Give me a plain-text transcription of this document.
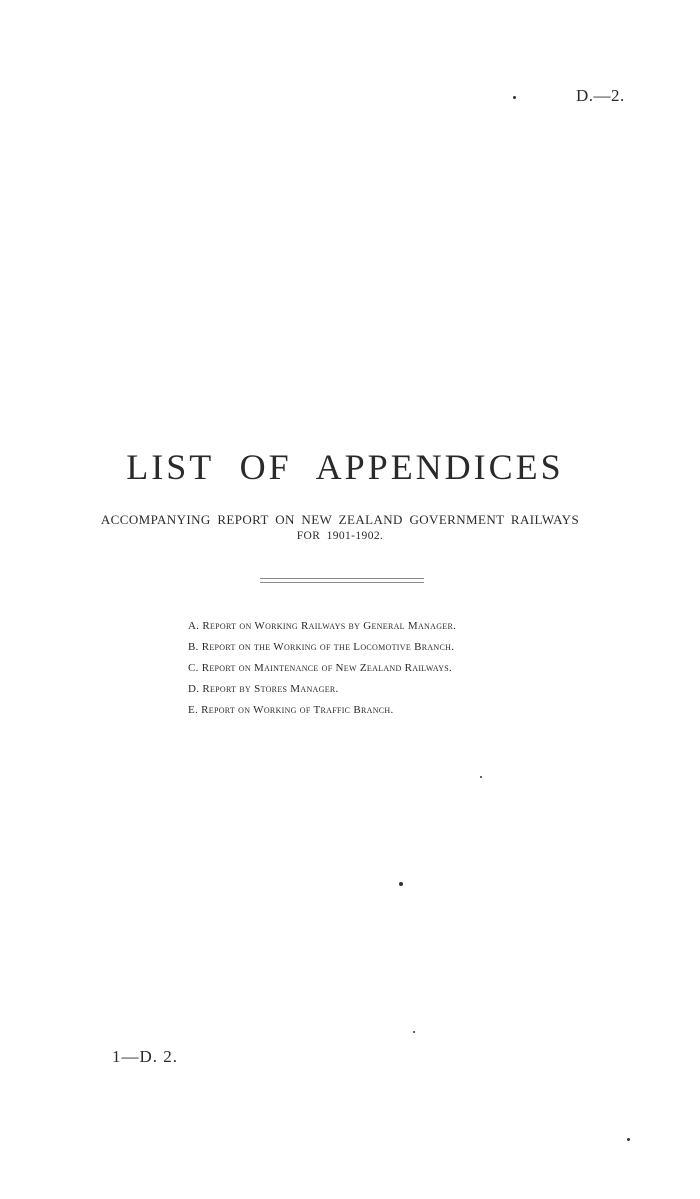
D.—2.
LIST OF APPENDICES
ACCOMPANYING REPORT ON NEW ZEALAND GOVERNMENT RAILWAYS
FOR 1901-1902.
A. Report on Working Railways by General Manager.
B. Report on the Working of the Locomotive Branch.
C. Report on Maintenance of New Zealand Railways.
D. Report by Stores Manager.
E. Report on Working of Traffic Branch.
1—D. 2.
